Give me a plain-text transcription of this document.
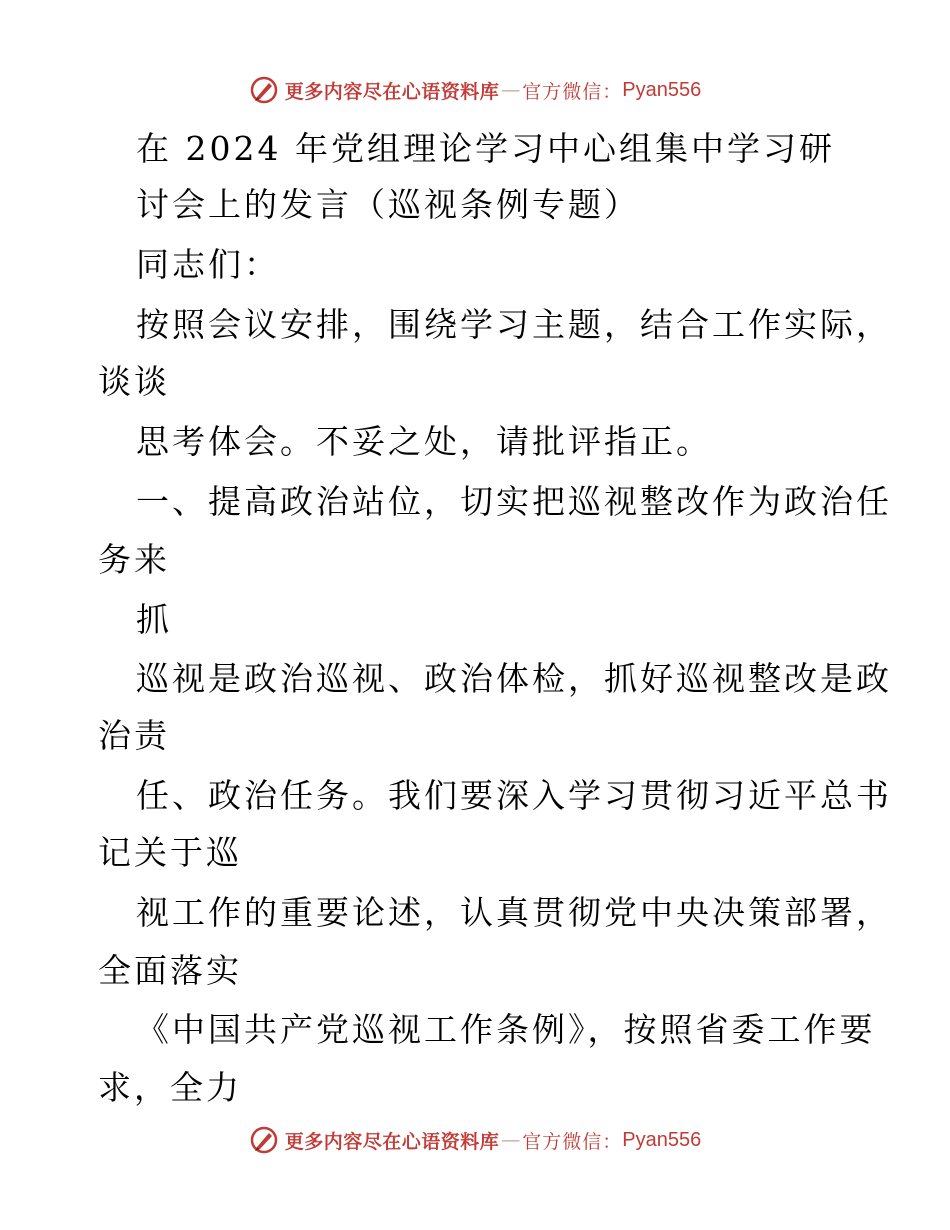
更多内容尽在心语资料库 — 官方微信： Pyan556
在 2024 年党组理论学习中心组集中学习研
讨会上的发言（巡视条例专题）
同志们：
按照会议安排，围绕学习主题，结合工作实际，
谈谈
思考体会。不妥之处，请批评指正。
一、提高政治站位，切实把巡视整改作为政治任
务来
抓
巡视是政治巡视、政治体检，抓好巡视整改是政
治责
任、政治任务。我们要深入学习贯彻习近平总书
记关于巡
视工作的重要论述，认真贯彻党中央决策部署，
全面落实
《中国共产党巡视工作条例》，按照省委工作要
求，全力
更多内容尽在心语资料库 — 官方微信： Pyan556
